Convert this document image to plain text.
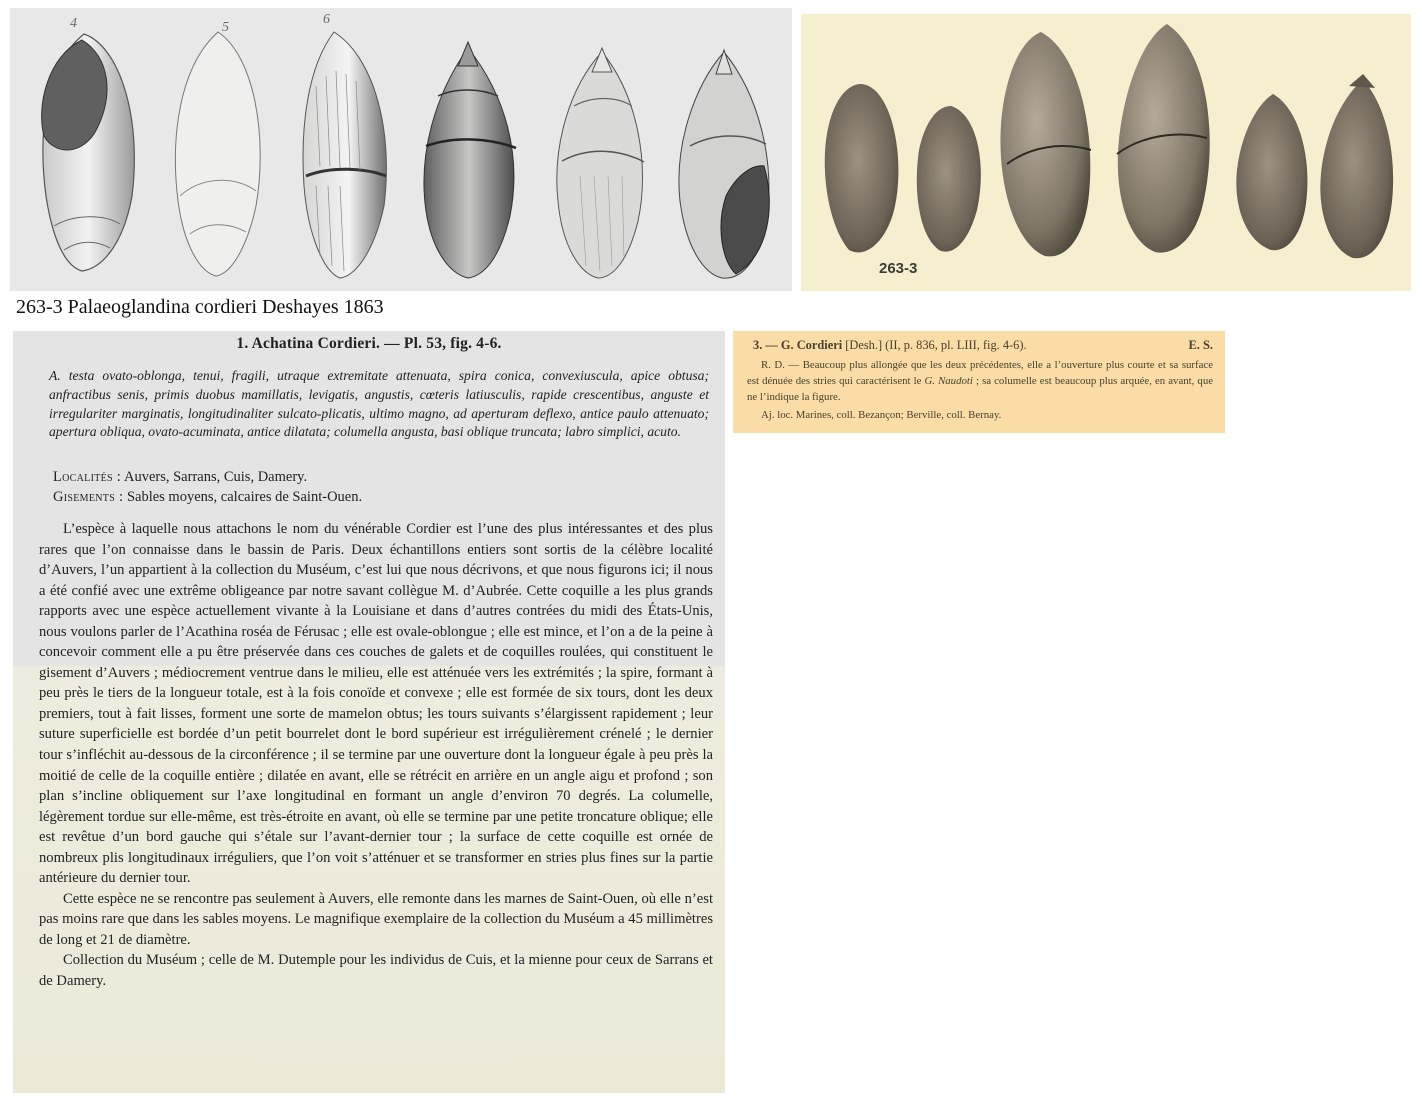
4	5
6
263-3
263-3 Palaeoglandina cordieri Deshayes 1863
1. Achatina Cordieri. — Pl. 53, fig. 4-6.
A. testa ovato-oblonga, tenui, fragili, utraque extremitate attenuata, spira conica, convexiuscula, apice obtusa; anfractibus senis, primis duobus mamillatis, levigatis, angustis, cœteris latiusculis, rapide crescentibus, anguste et irregulariter marginatis, longitudinaliter sulcato-plicatis, ultimo magno, ad aperturam deflexo, antice paulo attenuato; apertura obliqua, ovato-acuminata, antice dilatata; columella angusta, basi oblique truncata; labro simplici, acuto.
Localités : Auvers, Sarrans, Cuis, Damery.
Gisements : Sables moyens, calcaires de Saint-Ouen.

L’espèce à laquelle nous attachons le nom du vénérable Cordier est l’une des plus intéressantes et des plus rares que l’on connaisse dans le bassin de Paris. Deux échantillons entiers sont sortis de la célèbre localité d’Auvers, l’un appartient à la collection du Muséum, c’est lui que nous décrivons, et que nous figurons ici; il nous a été confié avec une extrême obligeance par notre savant collègue M. d’Aubrée. Cette coquille a les plus grands rapports avec une espèce actuellement vivante à la Louisiane et dans d’autres contrées du midi des États-Unis, nous voulons parler de l’Acathina roséa de Férusac ; elle est ovale-oblongue ; elle est mince, et l’on a de la peine à concevoir comment elle a pu être préservée dans ces couches de galets et de coquilles roulées, qui constituent le gisement d’Auvers ; médiocrement ventrue dans le milieu, elle est atténuée vers les extrémités ; la spire, formant à peu près le tiers de la longueur totale, est à la fois conoïde et convexe ; elle est formée de six tours, dont les deux premiers, tout à fait lisses, forment une sorte de mamelon obtus; les tours suivants s’élargissent rapidement ; leur suture superficielle est bordée d’un petit bourrelet dont le bord supérieur est irrégulièrement crénelé ; le dernier tour s’infléchit au-dessous de la circonférence ; il se termine par une ouverture dont la longueur égale à peu près la moitié de celle de la coquille entière ; dilatée en avant, elle se rétrécit en arrière en un angle aigu et profond ; son plan s’incline obliquement sur l’axe longitudinal en formant un angle d’environ 70 degrés. La columelle, légèrement tordue sur elle-même, est très-étroite en avant, où elle se termine par une petite troncature oblique; elle est revêtue d’un bord gauche qui s’étale sur l’avant-dernier tour ; la surface de cette coquille est ornée de nombreux plis longitudinaux irréguliers, que l’on voit s’atténuer et se transformer en stries plus fines sur la partie antérieure du dernier tour.

Cette espèce ne se rencontre pas seulement à Auvers, elle remonte dans les marnes de Saint-Ouen, où elle n’est pas moins rare que dans les sables moyens. Le magnifique exemplaire de la collection du Muséum a 45 millimètres de long et 21 de diamètre.

Collection du Muséum ; celle de M. Dutemple pour les individus de Cuis, et la mienne pour ceux de Sarrans et de Damery.

3. — G. Cordieri [Desh.] (II, p. 836, pl. LIII, fig. 4-6).	E. S.
R. D. — Beaucoup plus allongée que les deux précédentes, elle a l’ouverture plus courte et sa surface est dénuée des stries qui caractérisent le G. Naudoti ; sa columelle est beaucoup plus arquée, en avant, que ne l’indique la figure.
Aj. loc. Marines, coll. Bezançon; Berville, coll. Bernay.
